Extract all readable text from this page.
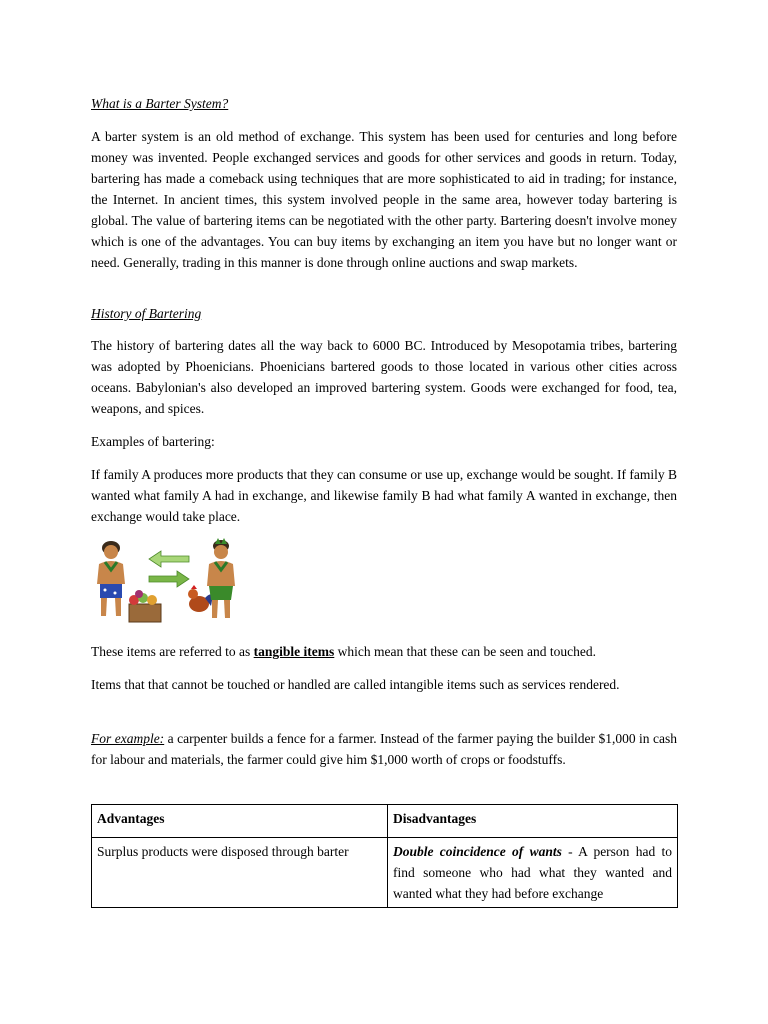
What is a Barter System?

A barter system is an old method of exchange. This system has been used for centuries and long before money was invented. People exchanged services and goods for other services and goods in return. Today, bartering has made a comeback using techniques that are more sophisticated to aid in trading; for instance, the Internet. In ancient times, this system involved people in the same area, however today bartering is global. The value of bartering items can be negotiated with the other party. Bartering doesn't involve money which is one of the advantages. You can buy items by exchanging an item you have but no longer want or need. Generally, trading in this manner is done through online auctions and swap markets.

History of Bartering

The history of bartering dates all the way back to 6000 BC. Introduced by Mesopotamia tribes, bartering was adopted by Phoenicians. Phoenicians bartered goods to those located in various other cities across oceans. Babylonian's also developed an improved bartering system. Goods were exchanged for food, tea, weapons, and spices.

Examples of bartering:

If family A produces more products that they can consume or use up, exchange would be sought. If family B wanted what family A had in exchange, and likewise family B had what family A wanted in exchange, then exchange would take place.

These items are referred to as tangible items which mean that these can be seen and touched.

Items that that cannot be touched or handled are called intangible items such as services rendered.

For example: a carpenter builds a fence for a farmer. Instead of the farmer paying the builder $1,000 in cash for labour and materials, the farmer could give him $1,000 worth of crops or foodstuffs.

Advantages	Disadvantages
Surplus products were disposed through barter	Double coincidence of wants - A person had to find someone who had what they wanted and wanted what they had before exchange
